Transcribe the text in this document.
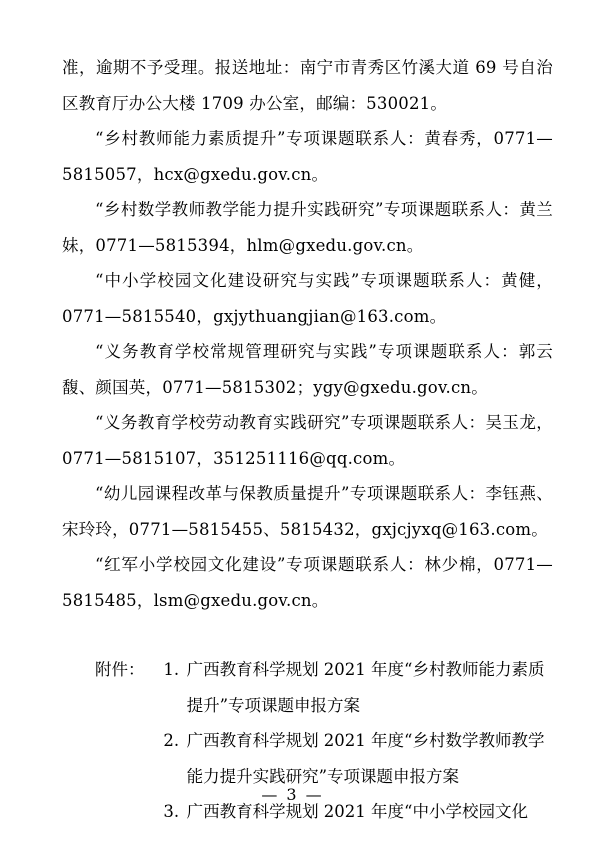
准，逾期不予受理。报送地址：南宁市青秀区竹溪大道 69 号自治区教育厅办公大楼 1709 办公室，邮编：530021。

“乡村教师能力素质提升”专项课题联系人：黄春秀，0771—5815057，hcx@gxedu.gov.cn。

“乡村数学教师教学能力提升实践研究”专项课题联系人：黄兰妹，0771—5815394，hlm@gxedu.gov.cn。

“中小学校园文化建设研究与实践”专项课题联系人：黄健，0771—5815540，gxjythuangjian@163.com。

“义务教育学校常规管理研究与实践”专项课题联系人：郭云馥、颜国英，0771—5815302；ygy@gxedu.gov.cn。

“义务教育学校劳动教育实践研究”专项课题联系人：吴玉龙，0771—5815107，351251116@qq.com。

“幼儿园课程改革与保教质量提升”专项课题联系人：李钰燕、宋玲玲，0771—5815455、5815432，gxjcjyxq@163.com。

“红军小学校园文化建设”专项课题联系人：林少棉，0771—5815485，lsm@gxedu.gov.cn。

附件：	1. 广西教育科学规划 2021 年度“乡村教师能力素质提升”专项课题申报方案
2. 广西教育科学规划 2021 年度“乡村数学教师教学能力提升实践研究”专项课题申报方案
3. 广西教育科学规划 2021 年度“中小学校园文化
— 3 —
